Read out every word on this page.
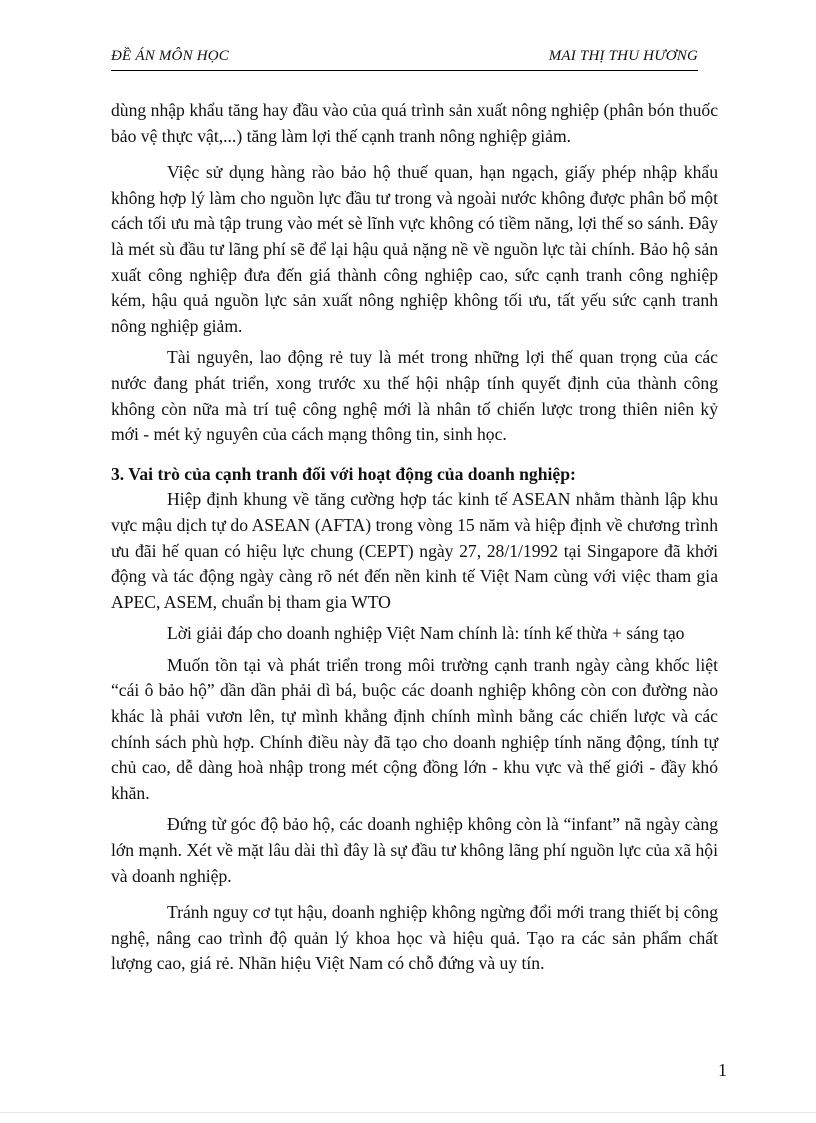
ĐỀ ÁN MÔN HỌC	MAI THỊ THU HƯƠNG

dùng nhập khẩu tăng hay đầu vào của quá trình sản xuất nông nghiệp (phân bón thuốc bảo vệ thực vật,...) tăng làm lợi thế cạnh tranh nông nghiệp giảm.

Việc sử dụng hàng rào bảo hộ thuế quan, hạn ngạch, giấy phép nhập khẩu không hợp lý làm cho nguồn lực đầu tư trong và ngoài nước không được phân bổ một cách tối ưu mà tập trung vào mét sè lĩnh vực không có tiềm năng, lợi thế so sánh. Đây là mét sù đầu tư lãng phí sẽ để lại hậu quả nặng nề về nguồn lực tài chính. Bảo hộ sản xuất công nghiệp đưa đến giá thành công nghiệp cao, sức cạnh tranh công nghiệp kém, hậu quả nguồn lực sản xuất nông nghiệp không tối ưu, tất yếu sức cạnh tranh nông nghiệp giảm.

Tài nguyên, lao động rẻ tuy là mét trong những lợi thế quan trọng của các nước đang phát triển, xong trước xu thế hội nhập tính quyết định của thành công không còn nữa mà trí tuệ công nghệ mới là nhân tố chiến lược trong thiên niên kỷ mới - mét kỷ nguyên của cách mạng thông tin, sinh học.

3. Vai trò của cạnh tranh đối với hoạt động của doanh nghiệp:

Hiệp định khung về tăng cường hợp tác kinh tế ASEAN nhằm thành lập khu vực mậu dịch tự do ASEAN (AFTA) trong vòng 15 năm và hiệp định về chương trình ưu đãi hế quan có hiệu lực chung (CEPT) ngày 27, 28/1/1992 tại Singapore đã khởi động và tác động ngày càng rõ nét đến nền kinh tế Việt Nam cùng với việc tham gia APEC, ASEM, chuẩn bị tham gia WTO

Lời giải đáp cho doanh nghiệp Việt Nam chính là: tính kế thừa + sáng tạo

Muốn tồn tại và phát triển trong môi trường cạnh tranh ngày càng khốc liệt “cái ô bảo hộ” dần dần phải dì bá, buộc các doanh nghiệp không còn con đường nào khác là phải vươn lên, tự mình khẳng định chính mình bằng các chiến lược và các chính sách phù hợp. Chính điều này đã tạo cho doanh nghiệp tính năng động, tính tự chủ cao, dễ dàng hoà nhập trong mét cộng đồng lớn - khu vực và thế giới - đầy khó khăn.

Đứng từ góc độ bảo hộ, các doanh nghiệp không còn là “infant” nã ngày càng lớn mạnh. Xét về mặt lâu dài thì đây là sự đầu tư không lãng phí nguồn lực của xã hội và doanh nghiệp.

Tránh nguy cơ tụt hậu, doanh nghiệp không ngừng đổi mới trang thiết bị công nghệ, nâng cao trình độ quản lý khoa học và hiệu quả. Tạo ra các sản phẩm chất lượng cao, giá rẻ. Nhãn hiệu Việt Nam có chỗ đứng và uy tín.

1
